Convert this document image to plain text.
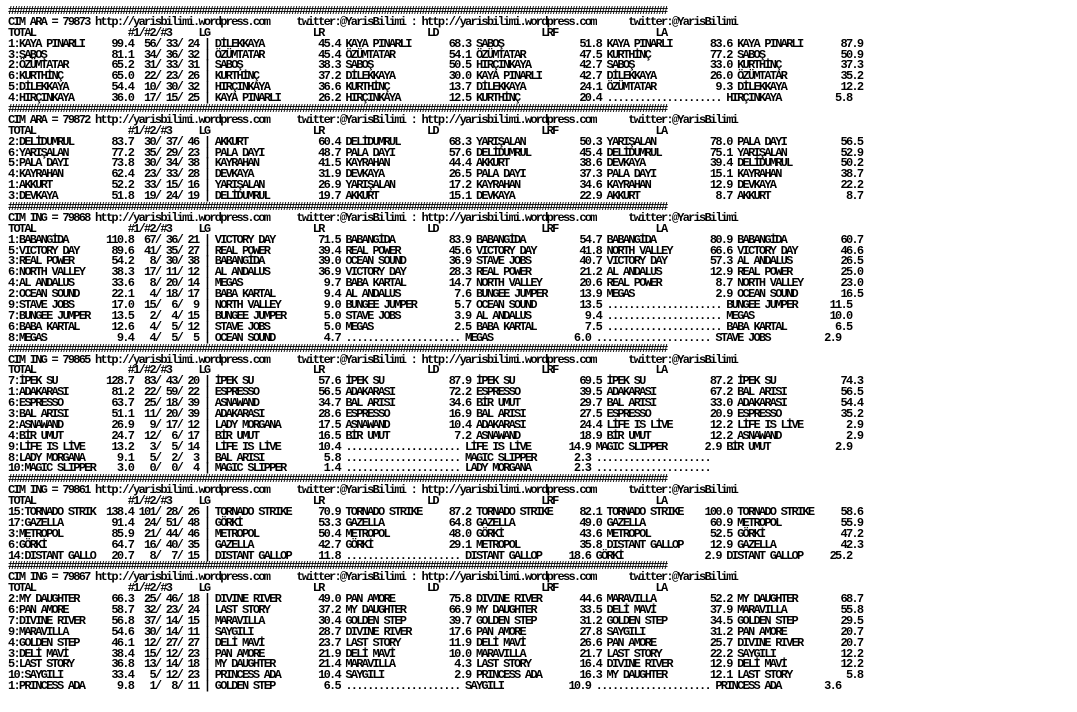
#########################################################################################################################
CIM ARA = 79873 http://yarisbilimi.wordpress.com     twitter:@YarisBilimi : http://yarisbilimi.wordpress.com      twitter:@YarisBilimi
TOTAL                 #1/#2/#3     LG                   LR                   LD                   LRF                  LA
1:KAYA PINARLI     99.4  56/ 33/ 24 | DİLEKKAYA          45.4 KAYA PINARLI       68.3 SABOŞ              51.8 KAYA PINARLI       83.6 KAYA PINARLI       87.9
3:SABOŞ            81.1  34/ 36/ 32 | ÖZÜMTATAR          45.4 ÖZÜMTATAR          54.1 ÖZÜMTATAR          47.5 KURTHİNÇ           77.2 SABOŞ              50.9
2:ÖZÜMTATAR        65.2  31/ 33/ 31 | SABOŞ              38.3 SABOŞ              50.5 HIRÇINKAYA         42.7 SABOŞ              33.0 KURTHİNÇ           37.3
6:KURTHİNÇ         65.0  22/ 23/ 26 | KURTHİNÇ           37.2 DİLEKKAYA          30.0 KAYA PINARLI       42.7 DİLEKKAYA          26.0 ÖZÜMTATAR          35.2
5:DİLEKKAYA        54.4  10/ 30/ 32 | HIRÇINKAYA         36.6 KURTHİNÇ           13.7 DİLEKKAYA          24.1 ÖZÜMTATAR           9.3 DİLEKKAYA          12.2
4:HIRÇINKAYA       36.0  17/ 15/ 25 | KAYA PINARLI       26.2 HIRÇINKAYA         12.5 KURTHİNÇ           20.4 ..................... HIRÇINKAYA          5.8
#########################################################################################################################
CIM ARA = 79872 http://yarisbilimi.wordpress.com     twitter:@YarisBilimi : http://yarisbilimi.wordpress.com      twitter:@YarisBilimi
TOTAL                 #1/#2/#3     LG                   LR                   LD                   LRF                  LA
2:DELİDUMRUL       83.7  30/ 37/ 46 | AKKURT             60.4 DELİDUMRUL         68.3 YARIŞALAN          50.3 YARIŞALAN          78.0 PALA DAYI          56.5
6:YARIŞALAN        77.2  35/ 29/ 23 | PALA DAYI          48.7 PALA DAYI          57.6 DELİDUMRUL         45.4 DELİDUMRUL         75.1 YARIŞALAN          52.9
5:PALA DAYI        73.8  30/ 34/ 38 | KAYRAHAN           41.5 KAYRAHAN           44.4 AKKURT             38.6 DEVKAYA            39.4 DELİDUMRUL         50.2
4:KAYRAHAN         62.4  23/ 33/ 28 | DEVKAYA            31.9 DEVKAYA            26.5 PALA DAYI          37.3 PALA DAYI          15.1 KAYRAHAN           38.7
1:AKKURT           52.2  33/ 15/ 16 | YARIŞALAN          26.9 YARIŞALAN          17.2 KAYRAHAN           34.6 KAYRAHAN           12.9 DEVKAYA            22.2
3:DEVKAYA          51.8  19/ 24/ 19 | DELİDUMRUL         19.7 AKKURT             15.1 DEVKAYA            22.9 AKKURT              8.7 AKKURT              8.7
#########################################################################################################################
CIM ING = 79868 http://yarisbilimi.wordpress.com     twitter:@YarisBilimi : http://yarisbilimi.wordpress.com      twitter:@YarisBilimi
TOTAL                 #1/#2/#3     LG                   LR                   LD                   LRF                  LA
1:BABANGİDA       110.8  67/ 36/ 21 | VICTORY DAY        71.5 BABANGİDA          83.9 BABANGİDA          54.7 BABANGİDA          80.9 BABANGİDA          60.7
5:VICTORY DAY      89.6  41/ 35/ 27 | REAL POWER         39.4 REAL POWER         45.6 VICTORY DAY        41.8 NORTH VALLEY       66.6 VICTORY DAY        46.6
3:REAL POWER       54.2   8/ 30/ 38 | BABANGİDA          39.0 OCEAN SOUND        36.9 STAVE JOBS         40.7 VICTORY DAY        57.3 AL ANDALUS         26.5
6:NORTH VALLEY     38.3  17/ 11/ 12 | AL ANDALUS         36.9 VICTORY DAY        28.3 REAL POWER         21.2 AL ANDALUS         12.9 REAL POWER         25.0
4:AL ANDALUS       33.6   8/ 20/ 14 | MEGAS               9.7 BABA KARTAL        14.7 NORTH VALLEY       20.6 REAL POWER          8.7 NORTH VALLEY       23.0
2:OCEAN SOUND      22.1   4/ 18/ 17 | BABA KARTAL         9.4 AL ANDALUS          7.6 BUNGEE JUMPER      13.9 MEGAS               2.9 OCEAN SOUND        16.5
9:STAVE JOBS       17.0  15/  6/  9 | NORTH VALLEY        9.0 BUNGEE JUMPER       5.7 OCEAN SOUND        13.5 ..................... BUNGEE JUMPER      11.5
7:BUNGEE JUMPER    13.5   2/  4/ 15 | BUNGEE JUMPER       5.0 STAVE JOBS          3.9 AL ANDALUS          9.4 ..................... MEGAS              10.0
6:BABA KARTAL      12.6   4/  5/ 12 | STAVE JOBS          5.0 MEGAS               2.5 BABA KARTAL         7.5 ..................... BABA KARTAL         6.5
8:MEGAS             9.4   4/  5/  5 | OCEAN SOUND         4.7 ..................... MEGAS               6.0 ..................... STAVE JOBS          2.9
#########################################################################################################################
CIM ING = 79865 http://yarisbilimi.wordpress.com     twitter:@YarisBilimi : http://yarisbilimi.wordpress.com      twitter:@YarisBilimi
TOTAL                 #1/#2/#3     LG                   LR                   LD                   LRF                  LA
7:İPEK SU         128.7  83/ 43/ 20 | İPEK SU            57.6 İPEK SU            87.9 İPEK SU            69.5 İPEK SU            87.2 İPEK SU            74.3
1:ADAKARASI        81.2  22/ 59/ 22 | ESPRESSO           56.5 ADAKARASI          72.2 ESPRESSO           39.5 ADAKARASI          67.2 BAL ARISI          56.5
6:ESPRESSO         63.7  25/ 18/ 39 | ASNAWAND           34.7 BAL ARISI          34.6 BİR UMUT           29.7 BAL ARISI          33.0 ADAKARASI          54.4
3:BAL ARISI        51.1  11/ 20/ 39 | ADAKARASI          28.6 ESPRESSO           16.9 BAL ARISI          27.5 ESPRESSO           20.9 ESPRESSO           35.2
2:ASNAWAND         26.9   9/ 17/ 12 | LADY MORGANA       17.5 ASNAWAND           10.4 ADAKARASI          24.4 LİFE IS LİVE       12.2 LİFE IS LİVE        2.9
4:BİR UMUT         24.7  12/  6/ 17 | BİR UMUT           16.5 BİR UMUT            7.2 ASNAWAND           18.9 BİR UMUT           12.2 ASNAWAND            2.9
9:LİFE IS LİVE     13.2   3/  5/ 14 | LİFE IS LİVE       10.4 ..................... LİFE IS LİVE       14.9 MAGIC SLIPPER       2.9 BİR UMUT            2.9
8:LADY MORGANA      9.1   5/  2/  3 | BAL ARISI           5.8 ..................... MAGIC SLIPPER       2.3 .....................
10:MAGIC SLIPPER    3.0   0/  0/  4 | MAGIC SLIPPER       1.4 ..................... LADY MORGANA        2.3 .....................
#########################################################################################################################
CIM ING = 79861 http://yarisbilimi.wordpress.com     twitter:@YarisBilimi : http://yarisbilimi.wordpress.com      twitter:@YarisBilimi
TOTAL                 #1/#2/#3     LG                   LR                   LD                   LRF                  LA
15:TORNADO STRIK  138.4 101/ 28/ 26 | TORNADO STRIKE     70.9 TORNADO STRIKE     87.2 TORNADO STRIKE     82.1 TORNADO STRIKE    100.0 TORNADO STRIKE     58.6
17:GAZELLA         91.4  24/ 51/ 48 | GÖRKİ              53.3 GAZELLA            64.8 GAZELLA            49.0 GAZELLA            60.9 METROPOL           55.9
3:METROPOL         85.9  21/ 44/ 46 | METROPOL           50.4 METROPOL           48.0 GÖRKİ              43.6 METROPOL           52.5 GÖRKİ              47.2
6:GÖRKİ            64.7  16/ 40/ 35 | GAZELLA            42.7 GÖRKİ              29.1 METROPOL           35.8 DISTANT GALLOP     12.9 GAZELLA            42.3
14:DISTANT GALLO   20.7   8/  7/ 15 | DISTANT GALLOP     11.8 ..................... DISTANT GALLOP     18.6 GÖRKİ               2.9 DISTANT GALLOP     25.2
#########################################################################################################################
CIM ING = 79867 http://yarisbilimi.wordpress.com     twitter:@YarisBilimi : http://yarisbilimi.wordpress.com      twitter:@YarisBilimi
TOTAL                 #1/#2/#3     LG                   LR                   LD                   LRF                  LA
2:MY DAUGHTER      66.3  25/ 46/ 18 | DIVINE RIVER       49.0 PAN AMORE          75.8 DIVINE RIVER       44.6 MARAVILLA          52.2 MY DAUGHTER        68.7
6:PAN AMORE        58.7  32/ 23/ 24 | LAST STORY         37.2 MY DAUGHTER        66.9 MY DAUGHTER        33.5 DELİ MAVİ          37.9 MARAVILLA          55.8
7:DIVINE RIVER     56.8  37/ 14/ 15 | MARAVILLA          30.4 GOLDEN STEP        39.7 GOLDEN STEP        31.2 GOLDEN STEP        34.5 GOLDEN STEP        29.5
9:MARAVILLA        54.6  30/ 14/ 11 | SAYGILI            28.7 DIVINE RIVER       17.6 PAN AMORE          27.8 SAYGILI            31.2 PAN AMORE          20.7
4:GOLDEN STEP      46.1  12/ 27/ 27 | DELİ MAVİ          23.7 LAST STORY         11.9 DELİ MAVİ          26.6 PAN AMORE          25.7 DIVINE RIVER       20.7
3:DELİ MAVİ        38.4  15/ 12/ 23 | PAN AMORE          21.9 DELİ MAVİ          10.0 MARAVILLA          21.7 LAST STORY         22.2 SAYGILI            12.2
5:LAST STORY       36.8  13/ 14/ 18 | MY DAUGHTER        21.4 MARAVILLA           4.3 LAST STORY         16.4 DIVINE RIVER       12.9 DELİ MAVİ          12.2
10:SAYGILI         33.4   5/ 12/ 23 | PRINCESS ADA       10.4 SAYGILI             2.9 PRINCESS ADA       16.3 MY DAUGHTER        12.1 LAST STORY          5.8
1:PRINCESS ADA      9.8   1/  8/ 11 | GOLDEN STEP         6.5 ..................... SAYGILI            10.9 ..................... PRINCESS ADA        3.6
